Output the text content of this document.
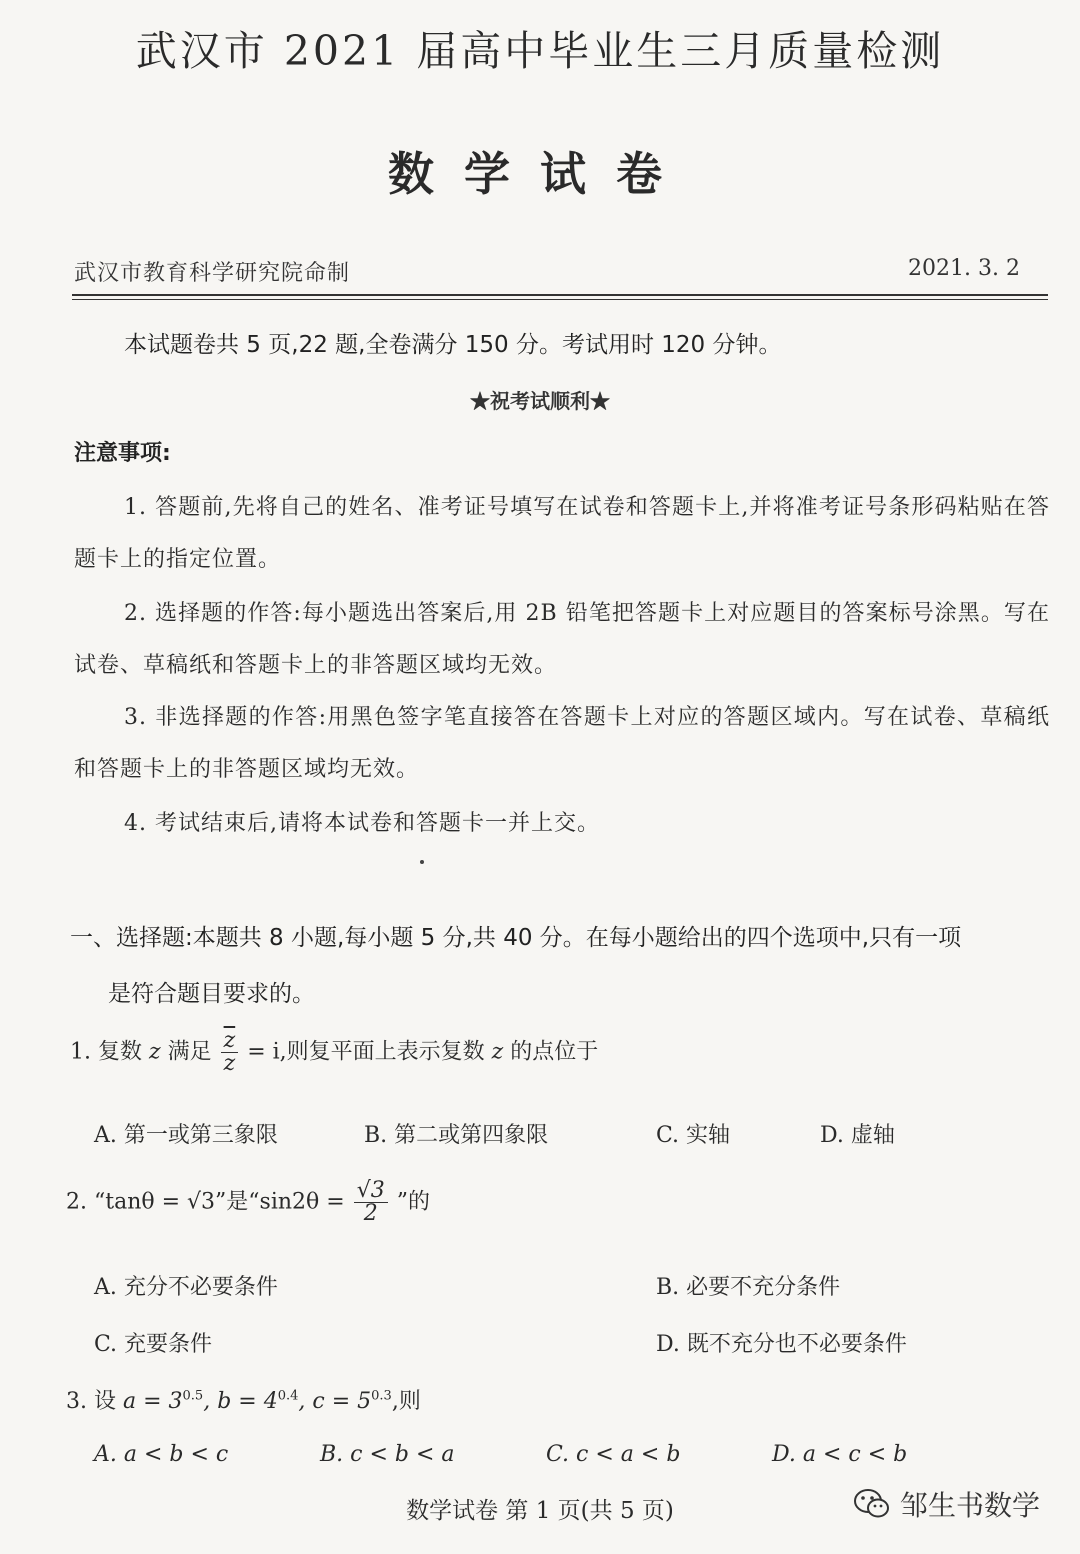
武汉市 2021 届高中毕业生三月质量检测
数学试卷
武汉市教育科学研究院命制	2021. 3. 2
本试题卷共 5 页,22 题,全卷满分 150 分。考试用时 120 分钟。
★祝考试顺利★
注意事项:
1. 答题前,先将自己的姓名、准考证号填写在试卷和答题卡上,并将准考证号条形码粘贴在答题卡上的指定位置。
2. 选择题的作答:每小题选出答案后,用 2B 铅笔把答题卡上对应题目的答案标号涂黑。写在试卷、草稿纸和答题卡上的非答题区域均无效。
3. 非选择题的作答:用黑色签字笔直接答在答题卡上对应的答题区域内。写在试卷、草稿纸和答题卡上的非答题区域均无效。
4. 考试结束后,请将本试卷和答题卡一并上交。
一、选择题:本题共 8 小题,每小题 5 分,共 40 分。在每小题给出的四个选项中,只有一项
是符合题目要求的。
1. 复数 z 满足 $\frac{\overline{z}}{z} = i$,则复平面上表示复数 z 的点位于
A. 第一或第三象限	B. 第二或第四象限	C. 实轴	D. 虚轴
2. “tanθ = √3”是“$\sin 2\theta = \frac{√3}{2}$ ”的
A. 充分不必要条件	B. 必要不充分条件
C. 充要条件	D. 既不充分也不必要条件
3. 设 $a = 3^{0.5}$, $b = 4^{0.4}$, $c = 5^{0.3}$,则
A. a < b < c	B. c < b < a	C. c < a < b	D. a < c < b
数学试卷 第 1 页(共 5 页)	邹生书数学
